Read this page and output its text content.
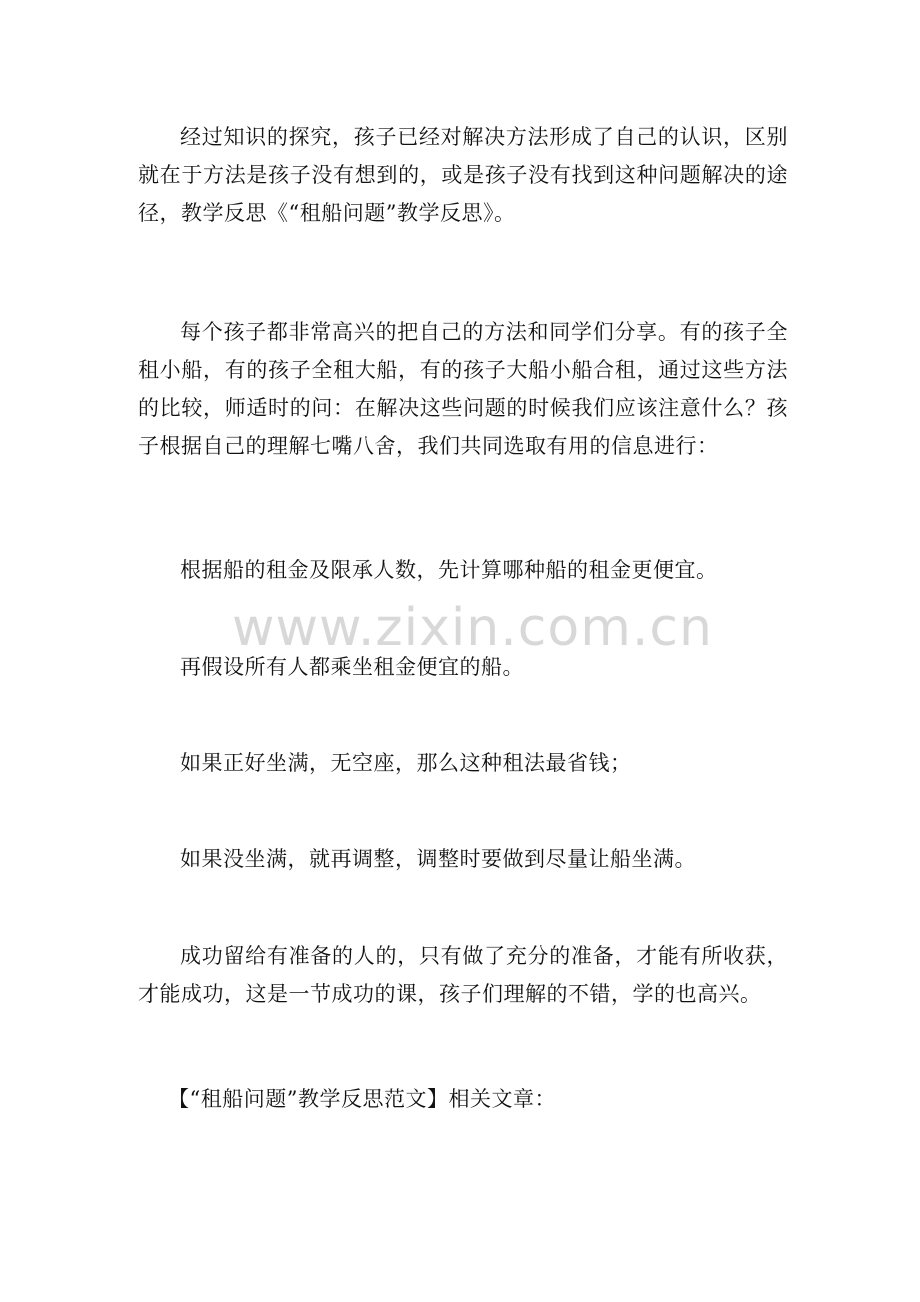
经过知识的探究，孩子已经对解决方法形成了自己的认识，区别就在于方法是孩子没有想到的，或是孩子没有找到这种问题解决的途径，教学反思《“租船问题”教学反思》。

每个孩子都非常高兴的把自己的方法和同学们分享。有的孩子全租小船，有的孩子全租大船，有的孩子大船小船合租，通过这些方法的比较，师适时的问：在解决这些问题的时候我们应该注意什么？孩子根据自己的理解七嘴八舍，我们共同选取有用的信息进行：

根据船的租金及限承人数，先计算哪种船的租金更便宜。

再假设所有人都乘坐租金便宜的船。

如果正好坐满，无空座，那么这种租法最省钱；

如果没坐满，就再调整，调整时要做到尽量让船坐满。

成功留给有准备的人的，只有做了充分的准备，才能有所收获，才能成功，这是一节成功的课，孩子们理解的不错，学的也高兴。

【“租船问题”教学反思范文】相关文章：

www.zixin.com.cn
